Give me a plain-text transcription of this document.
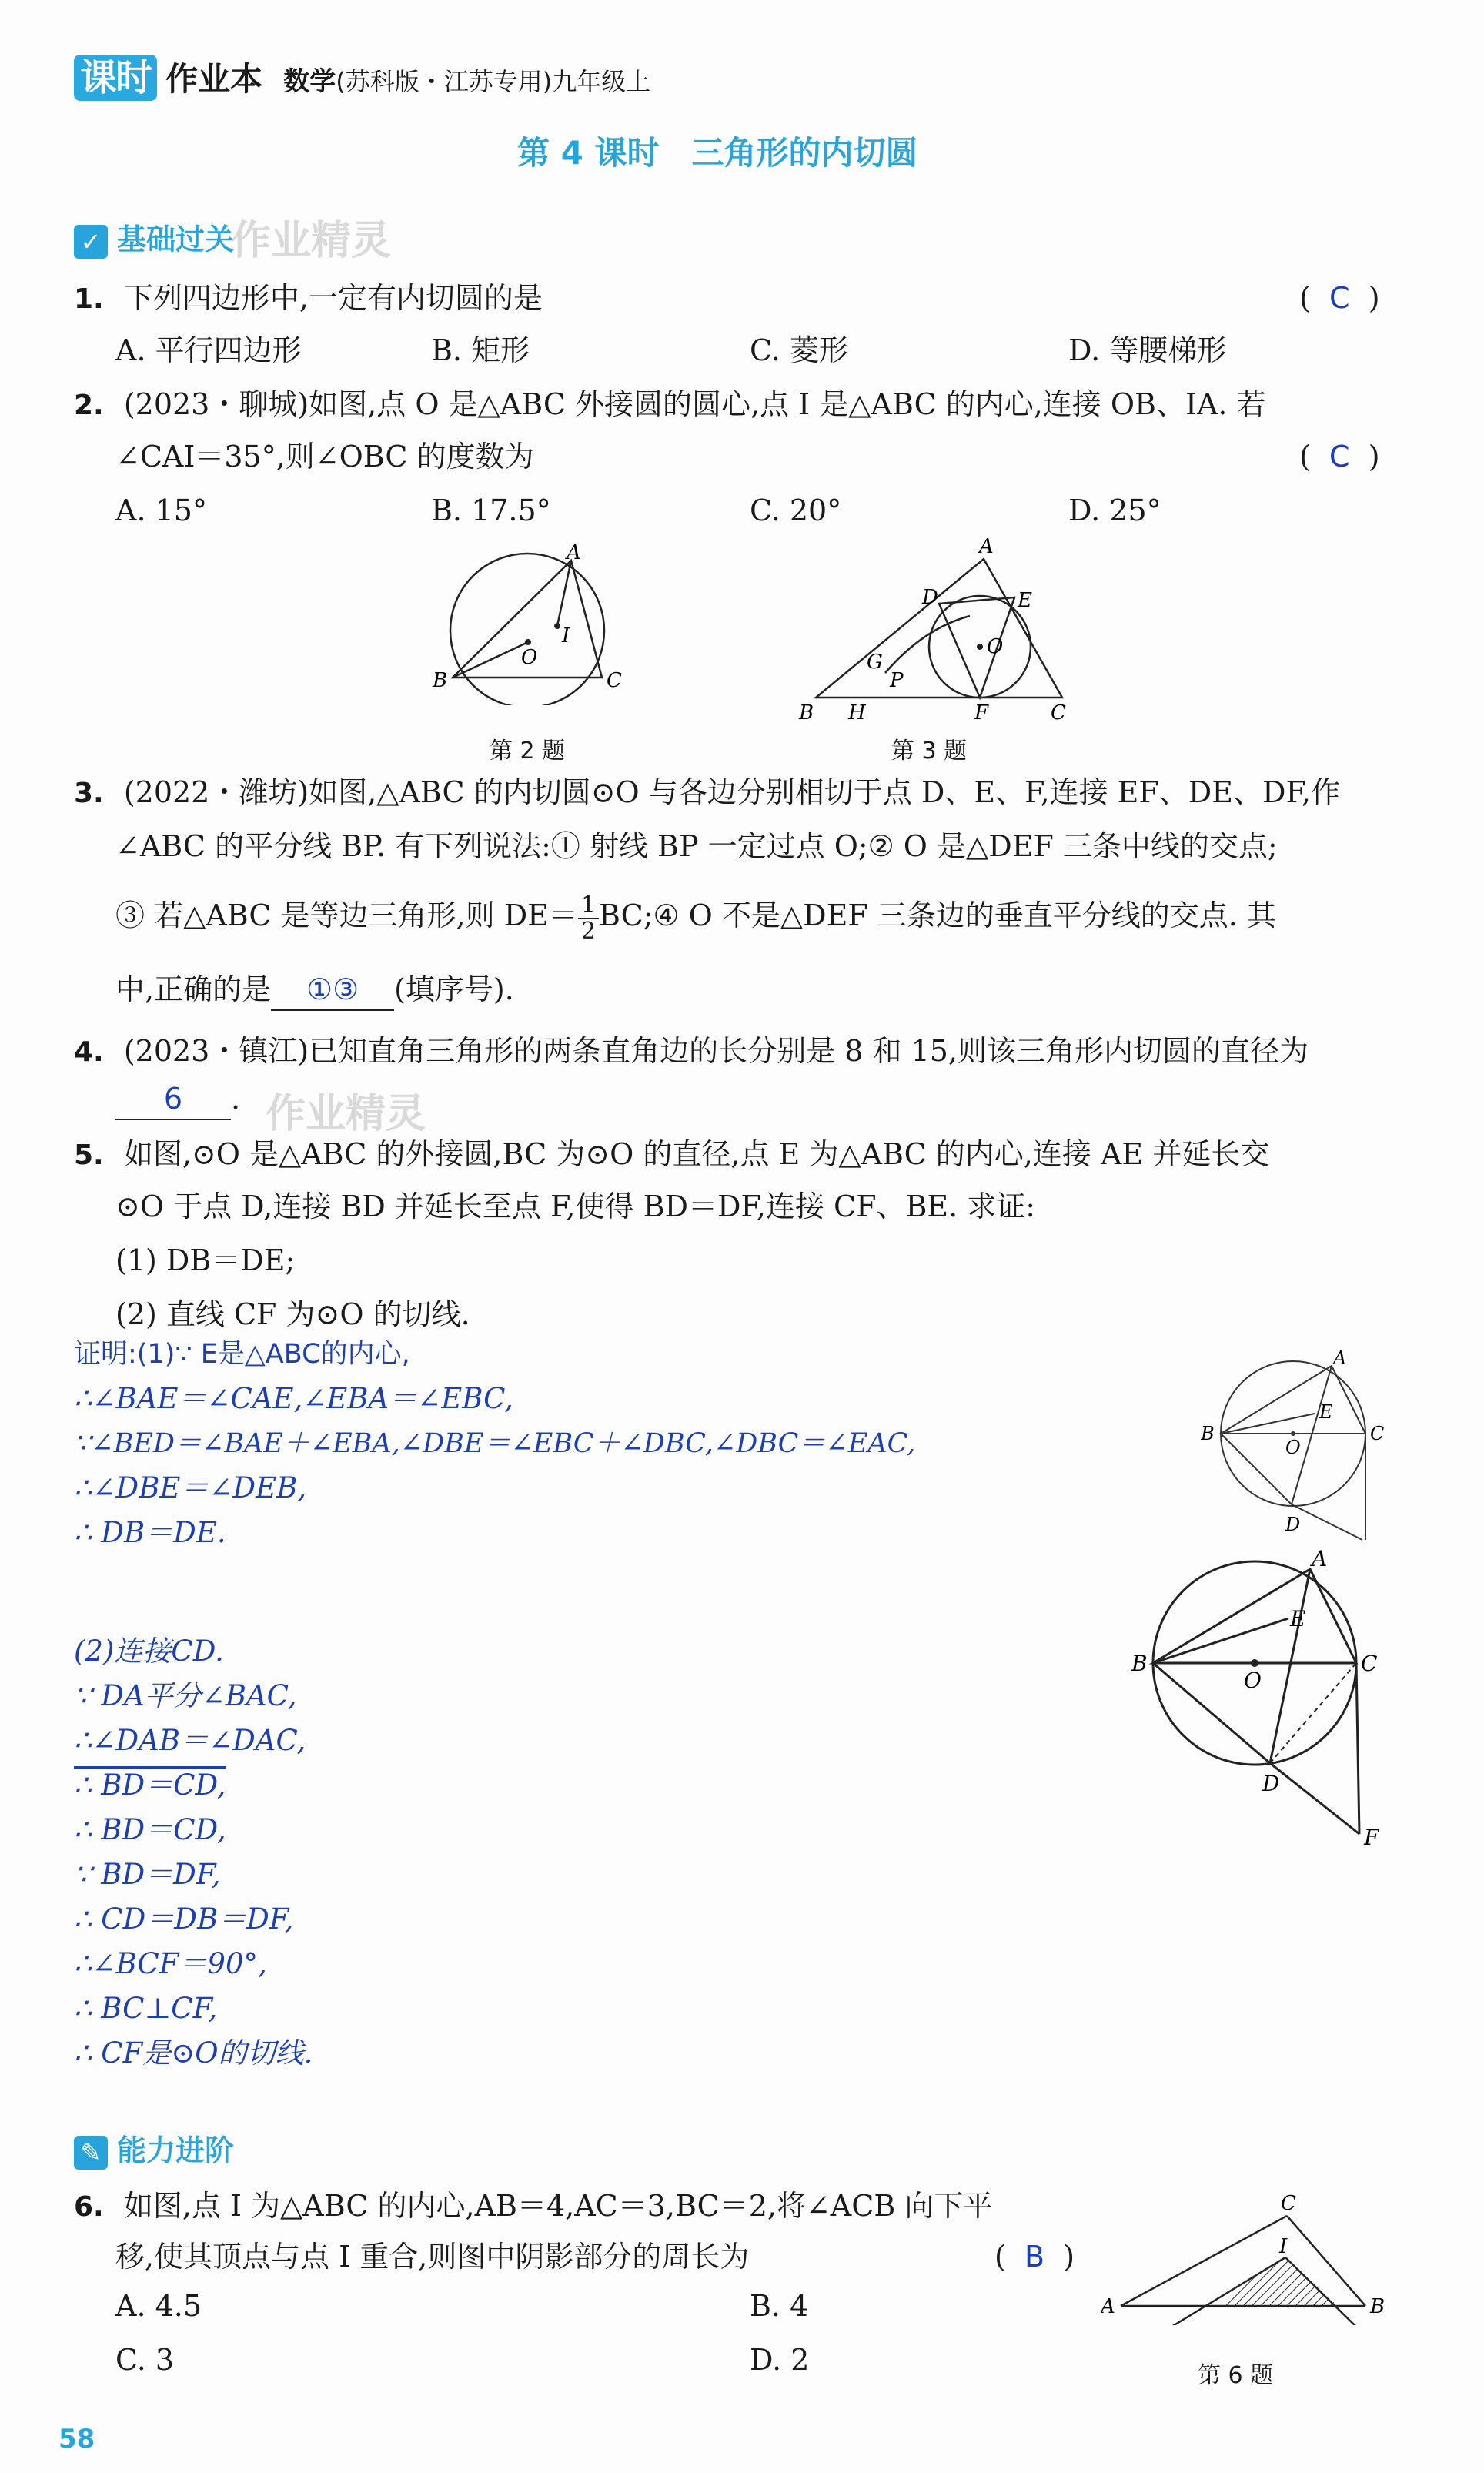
课时 作业本 数学(苏科版・江苏专用)九年级上
第 4 课时　三角形的内切圆
✓ 基础过关
作业精灵
1. 下列四边形中,一定有内切圆的是	(  C  )
A. 平行四边形	B. 矩形	C. 菱形	D. 等腰梯形
2. (2023・聊城)如图,点 O 是△ABC 外接圆的圆心,点 I 是△ABC 的内心,连接 OB、IA. 若
∠CAI＝35°,则∠OBC 的度数为	(  C  )
A. 15°	B. 17.5°	C. 20°	D. 25°
A
B	C
O
I
第 2 题
A
D	E
O
F
B H	C
G
P
第 3 题
3. (2022・潍坊)如图,△ABC 的内切圆⊙O 与各边分别相切于点 D、E、F,连接 EF、DE、DF,作
∠ABC 的平分线 BP. 有下列说法:① 射线 BP 一定过点 O;② O 是△DEF 三条中线的交点;
③ 若△ABC 是等边三角形,则 $DE= \frac{1}{2}$ BC;④ O 不是△DEF 三条边的垂直平分线的交点. 其
中,正确的是 ①③ (填序号).
4. (2023・镇江)已知直角三角形的两条直角边的长分别是 8 和 15,则该三角形内切圆的直径为
6 . 作业精灵
5. 如图,⊙O 是△ABC 的外接圆,BC 为⊙O 的直径,点 E 为△ABC 的内心,连接 AE 并延长交
⊙O 于点 D,连接 BD 并延长至点 F,使得 BD＝DF,连接 CF、BE. 求证:
(1) DB＝DE;
(2) 直线 CF 为⊙O 的切线.
证明:(1)∵ E是△ABC的内心,
∴∠BAE＝∠CAE,∠EBA＝∠EBC,
∵∠BED＝∠BAE＋∠EBA,∠DBE＝∠EBC＋∠DBC,∠DBC＝∠EAC,
∴∠DBE＝∠DEB,
∴ DB＝DE.
A
B	C
E
O
D
(2)连接CD.
∵ DA平分∠BAC,
∴∠DAB＝∠DAC,
∴ BD＝CD,
∴ BD＝CD,
∵ BD＝DF,
∴ CD＝DB＝DF,
∴∠BCF＝90°,
∴ BC⊥CF,
∴ CF是⊙O的切线.
A
B	C
E
O
D
F
✎ 能力进阶
6. 如图,点 I 为△ABC 的内心,AB＝4,AC＝3,BC＝2,将∠ACB 向下平
移,使其顶点与点 I 重合,则图中阴影部分的周长为	(  B  )
A. 4.5	B. 4
C. 3	D. 2
C
I
A	B
第 6 题
58
